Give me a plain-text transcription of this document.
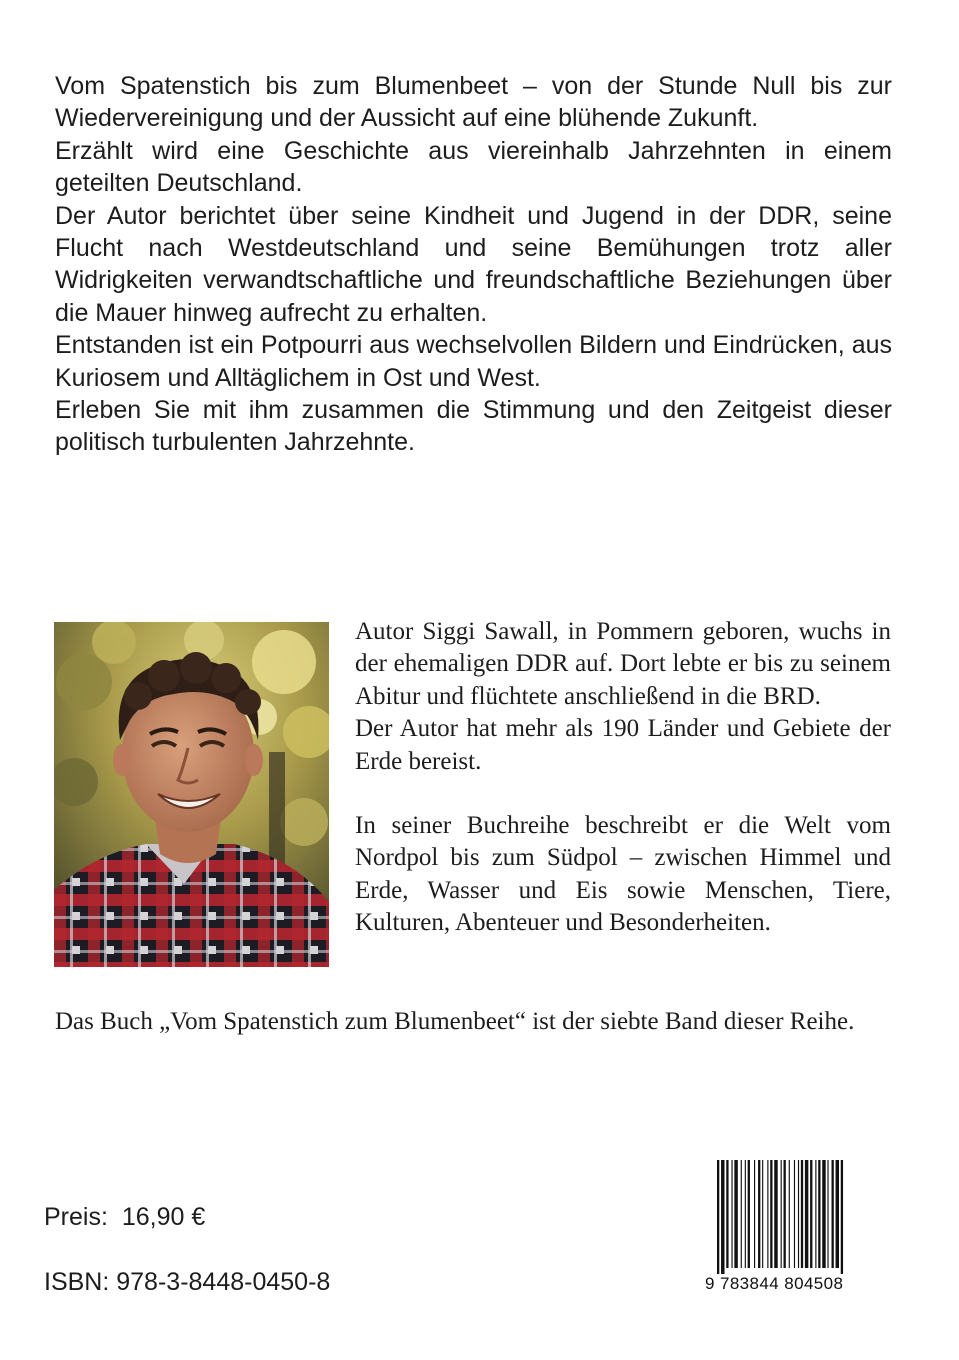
Vom Spatenstich bis zum Blumenbeet – von der Stunde Null bis zur Wiedervereinigung und der Aussicht auf eine blühende Zukunft.

Erzählt wird eine Geschichte aus viereinhalb Jahrzehnten in einem geteilten Deutschland.

Der Autor berichtet über seine Kindheit und Jugend in der DDR, seine Flucht nach Westdeutschland und seine Bemühungen trotz aller Widrigkeiten verwandtschaftliche und freundschaftliche Beziehungen über die Mauer hinweg aufrecht zu erhalten.

Entstanden ist ein Potpourri aus wechselvollen Bildern und Eindrücken, aus Kuriosem und Alltäglichem in Ost und West.

Erleben Sie mit ihm zusammen die Stimmung und den Zeitgeist dieser politisch turbulenten Jahrzehnte.

Autor Siggi Sawall, in Pommern geboren, wuchs in der ehemaligen DDR auf. Dort lebte er bis zu seinem Abitur und flüchtete anschließend in die BRD.

Der Autor hat mehr als 190 Länder und Gebiete der Erde bereist.

In seiner Buchreihe beschreibt er die Welt vom Nordpol bis zum Südpol – zwischen Himmel und Erde, Wasser und Eis sowie Menschen, Tiere, Kulturen, Abenteuer und Besonderheiten.

Das Buch „Vom Spatenstich zum Blumenbeet“ ist der siebte Band dieser Reihe.
Preis: 16,90 €
ISBN: 978-3-8448-0450-8	9 783844 804508
